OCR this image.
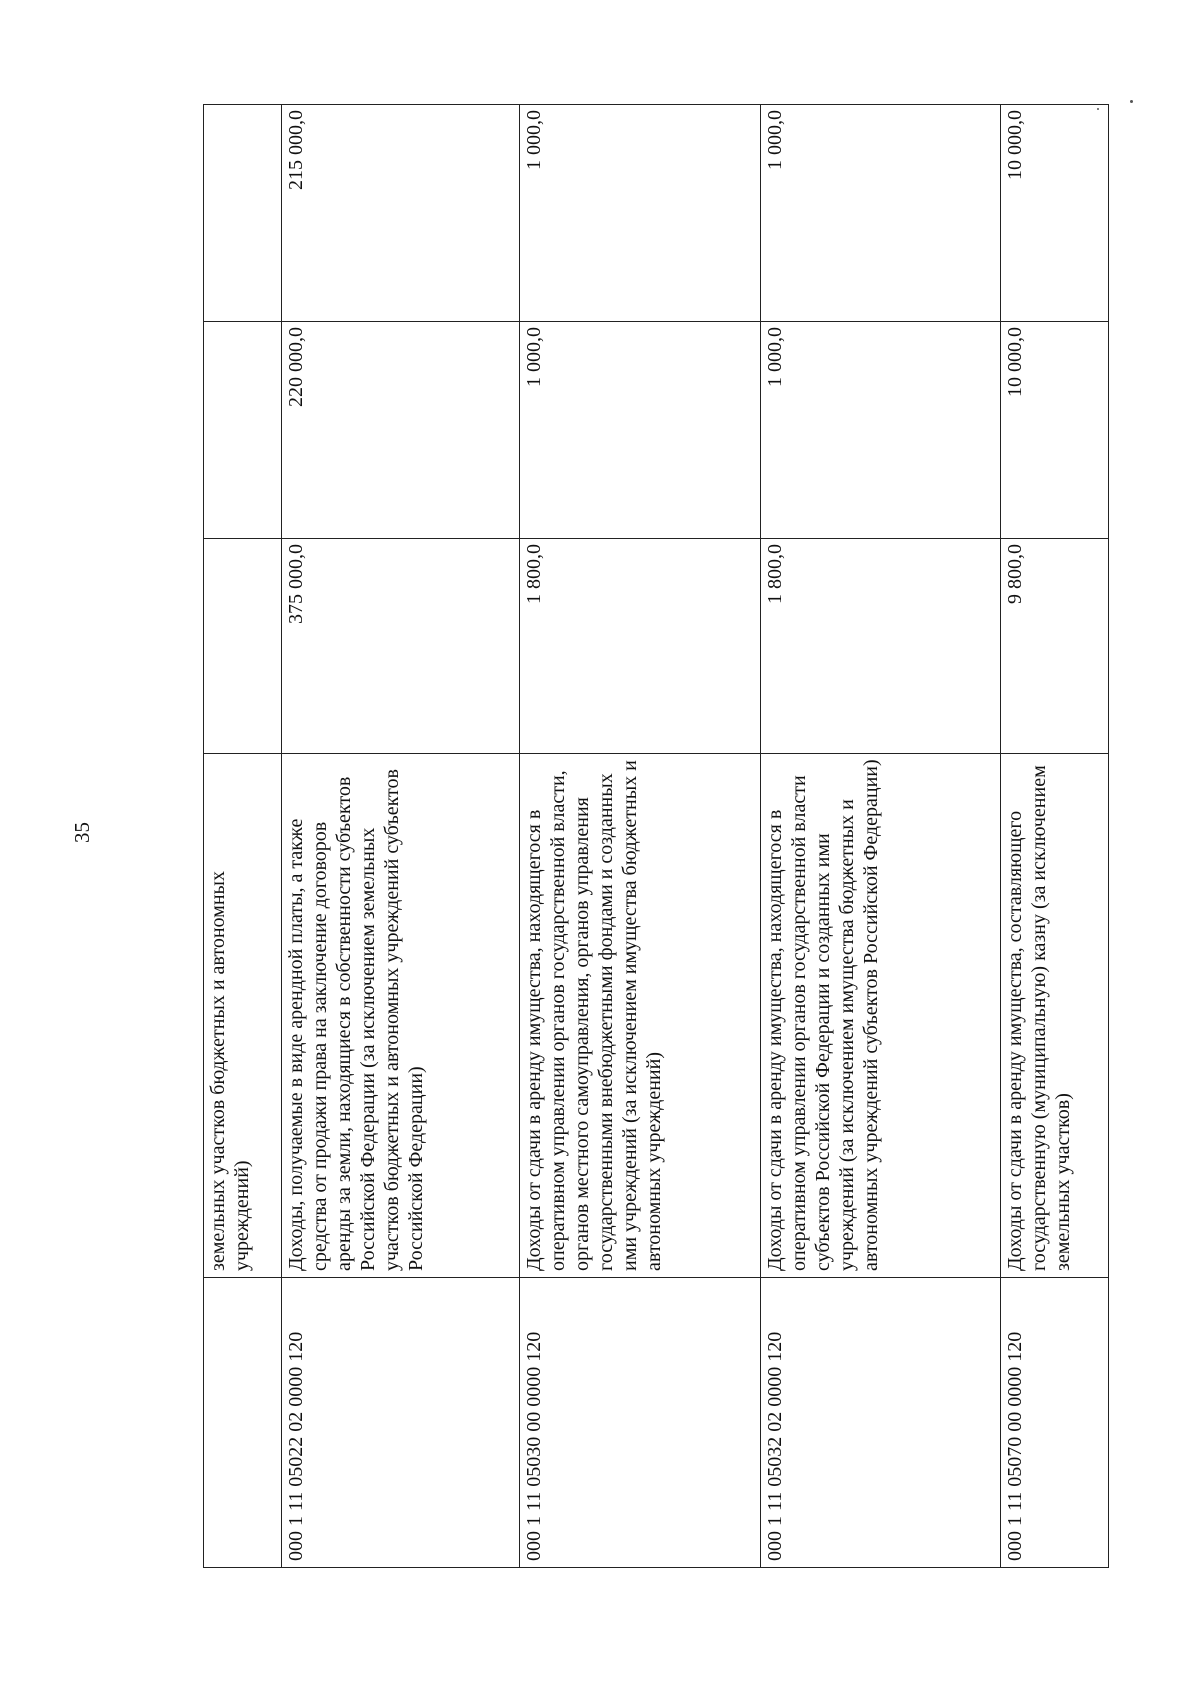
35
	земельных участков бюджетных и автономных учреждений)			
000 1 11 05022 02 0000 120	Доходы, получаемые в виде арендной платы, а также средства от продажи права на заключение договоров аренды за земли, находящиеся в собственности субъектов Российской Федерации (за исключением земельных участков бюджетных и автономных учреждений субъектов Российской Федерации)	375 000,0	220 000,0	215 000,0
000 1 11 05030 00 0000 120	Доходы от сдачи в аренду имущества, находящегося в оперативном управлении органов государственной власти, органов местного самоуправления, органов управления государственными внебюджетными фондами и созданных ими учреждений (за исключением имущества бюджетных и автономных учреждений)	1 800,0	1 000,0	1 000,0
000 1 11 05032 02 0000 120	Доходы от сдачи в аренду имущества, находящегося в оперативном управлении органов государственной власти субъектов Российской Федерации и созданных ими учреждений (за исключением имущества бюджетных и автономных учреждений субъектов Российской Федерации)	1 800,0	1 000,0	1 000,0
000 1 11 05070 00 0000 120	Доходы от сдачи в аренду имущества, составляющего государственную (муниципальную) казну (за исключением земельных участков)	9 800,0	10 000,0	10 000,0
